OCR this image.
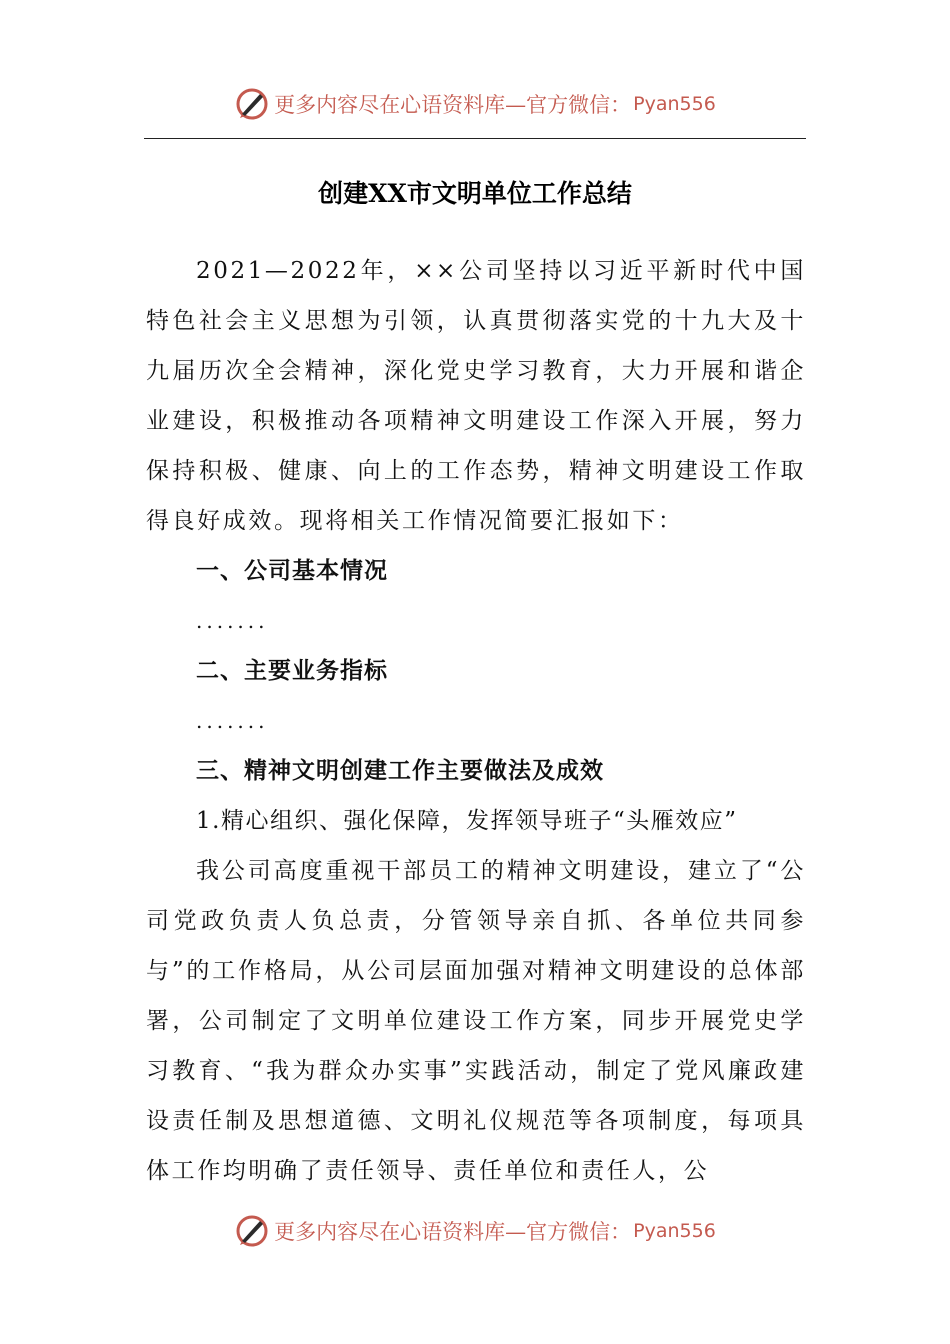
更多内容尽在心语资料库—官方微信： Pyan556
创建XX市文明单位工作总结

2021—2022年，××公司坚持以习近平新时代中国特色社会主义思想为引领，认真贯彻落实党的十九大及十九届历次全会精神，深化党史学习教育，大力开展和谐企业建设，积极推动各项精神文明建设工作深入开展，努力保持积极、健康、向上的工作态势，精神文明建设工作取得良好成效。现将相关工作情况简要汇报如下：

一、公司基本情况

.......

二、主要业务指标

.......

三、精神文明创建工作主要做法及成效

1.精心组织、强化保障，发挥领导班子“头雁效应”

我公司高度重视干部员工的精神文明建设，建立了“公司党政负责人负总责，分管领导亲自抓、各单位共同参与”的工作格局，从公司层面加强对精神文明建设的总体部署，公司制定了文明单位建设工作方案，同步开展党史学习教育、“我为群众办实事”实践活动，制定了党风廉政建设责任制及思想道德、文明礼仪规范等各项制度，每项具体工作均明确了责任领导、责任单位和责任人，公

更多内容尽在心语资料库—官方微信： Pyan556
